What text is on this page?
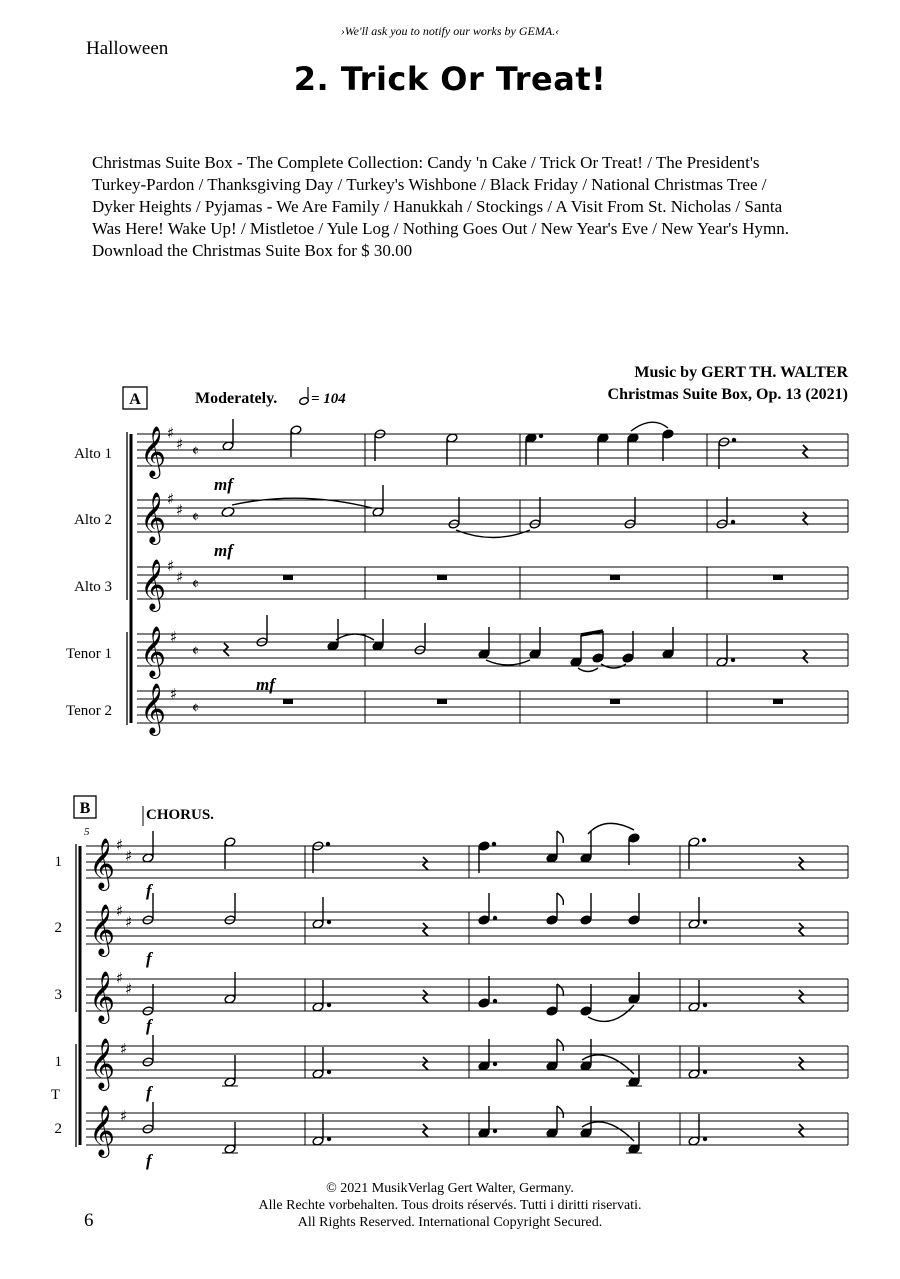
›We'll ask you to notify our works by GEMA.‹
Halloween
2. Trick Or Treat!
Christmas Suite Box - The Complete Collection: Candy 'n Cake / Trick Or Treat! / The President's Turkey-Pardon / Thanksgiving Day / Turkey's Wishbone / Black Friday / National Christmas Tree / Dyker Heights / Pyjamas - We Are Family / Hanukkah / Stockings / A Visit From St. Nicholas / Santa Was Here! Wake Up! / Mistletoe / Yule Log / Nothing Goes Out / New Year's Eve / New Year's Hymn. Download the Christmas Suite Box for $ 30.00
Music by GERT TH. WALTER
Christmas Suite Box, Op. 13 (2021)
A	Moderately. = 104
Alto 1
Alto 2
Alto 3
Tenor 1
Tenor 2
𝄞
𝄞
𝄞
𝄞
𝄞
♯
♯
♯
♯
♯
♯
♯
♯
𝄵
𝄵
𝄵
𝄵
𝄵
mf
mf
mf
B	CHORUS.
5
1
2
3
1
T
2
𝄞
𝄞
𝄞
𝄞
𝄞
♯
♯
♯
♯
♯
♯
♯
♯
f
f
f
f
f
© 2021 MusikVerlag Gert Walter, Germany.
Alle Rechte vorbehalten. Tous droits réservés. Tutti i diritti riservati.
All Rights Reserved. International Copyright Secured.
6
